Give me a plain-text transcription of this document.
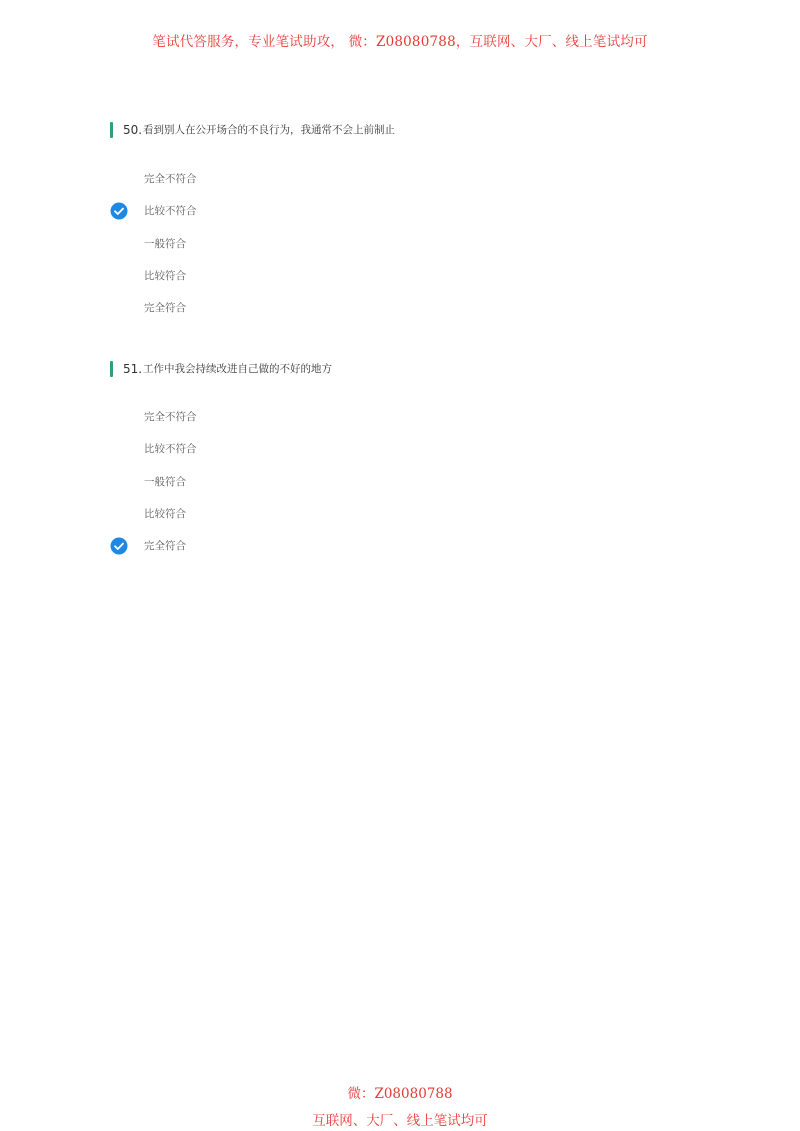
笔试代答服务，专业笔试助攻， 微：Z08080788，互联网、大厂、线上笔试均可
50. 看到别人在公开场合的不良行为，我通常不会上前制止
完全不符合
比较不符合
一般符合
比较符合
完全符合
51. 工作中我会持续改进自己做的不好的地方
完全不符合
比较不符合
一般符合
比较符合
完全符合
微：Z08080788
互联网、大厂、线上笔试均可
